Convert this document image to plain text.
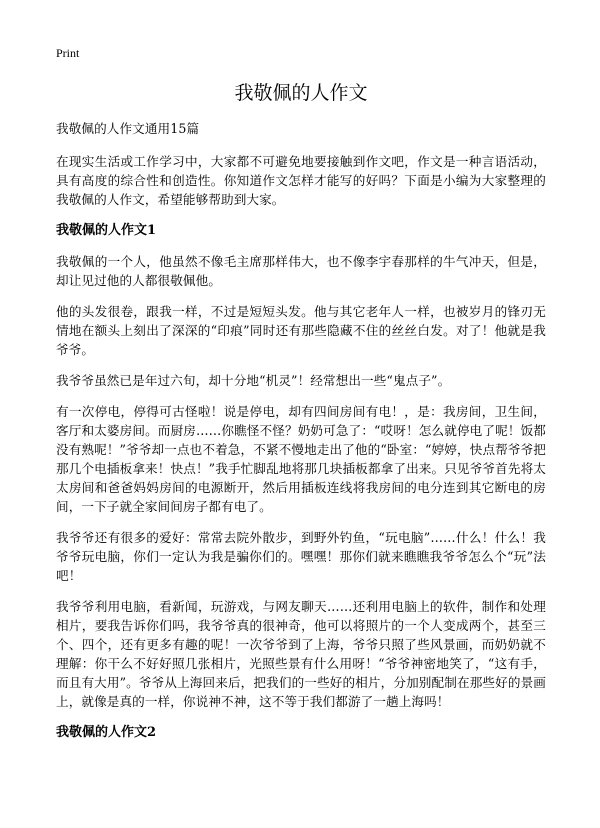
Print
我敬佩的人作文

我敬佩的人作文通用15篇

在现实生活或工作学习中，大家都不可避免地要接触到作文吧，作文是一种言语活动，具有高度的综合性和创造性。你知道作文怎样才能写的好吗？下面是小编为大家整理的我敬佩的人作文，希望能够帮助到大家。

我敬佩的人作文1

我敬佩的一个人，他虽然不像毛主席那样伟大，也不像李宇春那样的牛气冲天，但是，却让见过他的人都很敬佩他。

他的头发很卷，跟我一样，不过是短短头发。他与其它老年人一样，也被岁月的锋刃无情地在额头上刻出了深深的“印痕”同时还有那些隐藏不住的丝丝白发。对了！他就是我爷爷。

我爷爷虽然已是年过六旬，却十分地“机灵”！经常想出一些“鬼点子”。

有一次停电，停得可古怪啦！说是停电，却有四间房间有电！，是：我房间，卫生间，客厅和太婆房间。而厨房……你瞧怪不怪？奶奶可急了：“哎呀！怎么就停电了呢！饭都没有熟呢！”爷爷却一点也不着急，不紧不慢地走出了他的“卧室：“婷婷，快点帮爷爷把那几个电插板拿来！快点！”我手忙脚乱地将那几块插板都拿了出来。只见爷爷首先将太太房间和爸爸妈妈房间的电源断开，然后用插板连线将我房间的电分连到其它断电的房间，一下子就全家间间房子都有电了。

我爷爷还有很多的爱好：常常去院外散步，到野外钓鱼，“玩电脑”……什么！什么！我爷爷玩电脑，你们一定认为我是骗你们的。嘿嘿！那你们就来瞧瞧我爷爷怎么个“玩”法吧！

我爷爷利用电脑，看新闻，玩游戏，与网友聊天……还利用电脑上的软件，制作和处理相片，要我告诉你们吗，我爷爷真的很神奇，他可以将照片的一个人变成两个，甚至三个、四个，还有更多有趣的呢！一次爷爷到了上海，爷爷只照了些风景画，而奶奶就不理解：你干么不好好照几张相片，光照些景有什么用呀！“爷爷神密地笑了，“这有手，而且有大用”。爷爷从上海回来后，把我们的一些好的相片，分加别配制在那些好的景画上，就像是真的一样，你说神不神，这不等于我们都游了一趟上海吗！

我敬佩的人作文2
